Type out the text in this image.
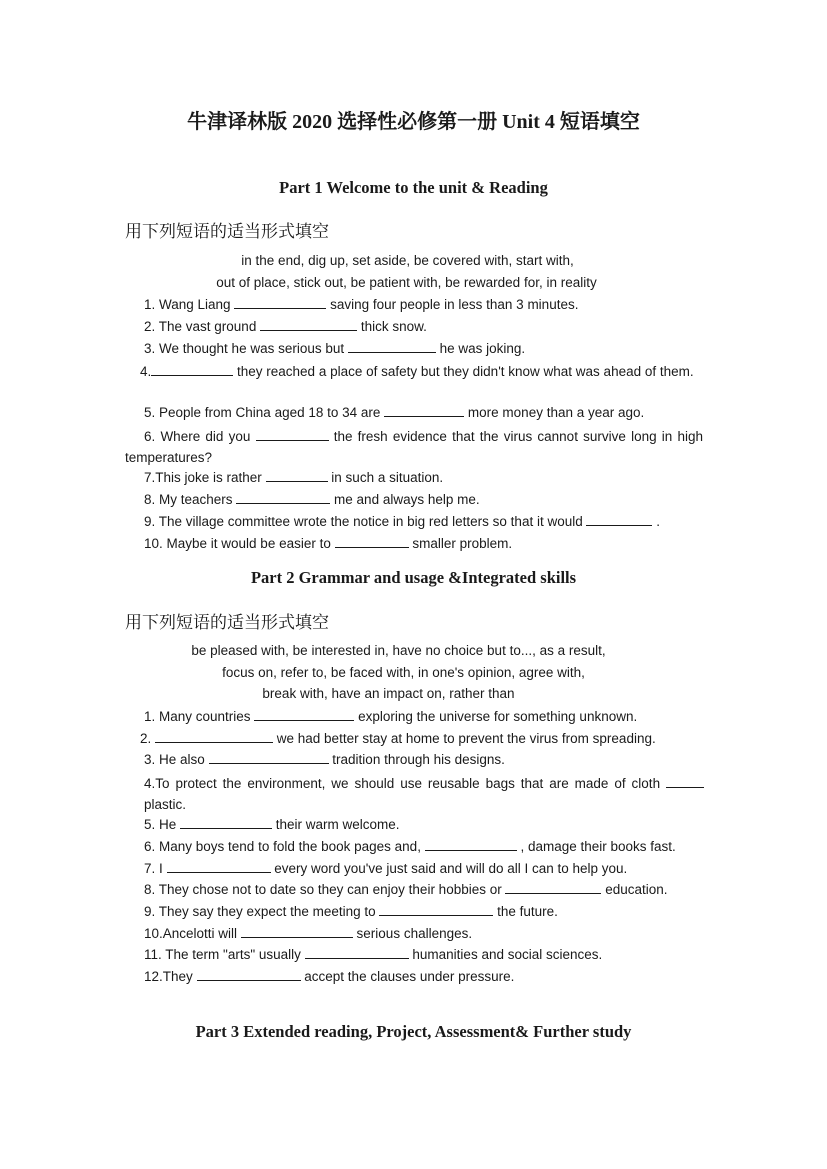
牛津译林版 2020 选择性必修第一册 Unit 4 短语填空
Part 1 Welcome to the unit & Reading
用下列短语的适当形式填空
in the end, dig up, set aside, be covered with, start with,
out of place, stick out, be patient with, be rewarded for, in reality
1. Wang Liang	saving four people in less than 3 minutes.
2. The vast ground	thick snow.
3. We thought he was serious but	he was joking.
4.	they reached a place of safety but they didn't know what was ahead of them.
5. People from China aged 18 to 34 are	more money than a year ago.
6. Where did you	the fresh evidence that the virus cannot survive long in high temperatures?
7.This joke is rather	in such a situation.
8. My teachers	me and always help me.
9. The village committee wrote the notice in big red letters so that it would	.
10. Maybe it would be easier to	smaller problem.
Part 2 Grammar and usage &Integrated skills
用下列短语的适当形式填空
be pleased with, be interested in, have no choice but to..., as a result,
focus on, refer to, be faced with, in one's opinion, agree with,
break with, have an impact on, rather than
1. Many countries	exploring the universe for something unknown.
2.	we had better stay at home to prevent the virus from spreading.
3. He also	tradition through his designs.
4.To protect the environment, we should use reusable bags that are made of cloth  plastic.
5. He	their warm welcome.
6. Many boys tend to fold the book pages and,	, damage their books fast.
7. I	every word you've just said and will do all I can to help you.
8. They chose not to date so they can enjoy their hobbies or	education.
9. They say they expect the meeting to	the future.
10.Ancelotti will	serious challenges.
11. The term "arts" usually	humanities and social sciences.
12.They	accept the clauses under pressure.
Part 3 Extended reading, Project, Assessment& Further study
